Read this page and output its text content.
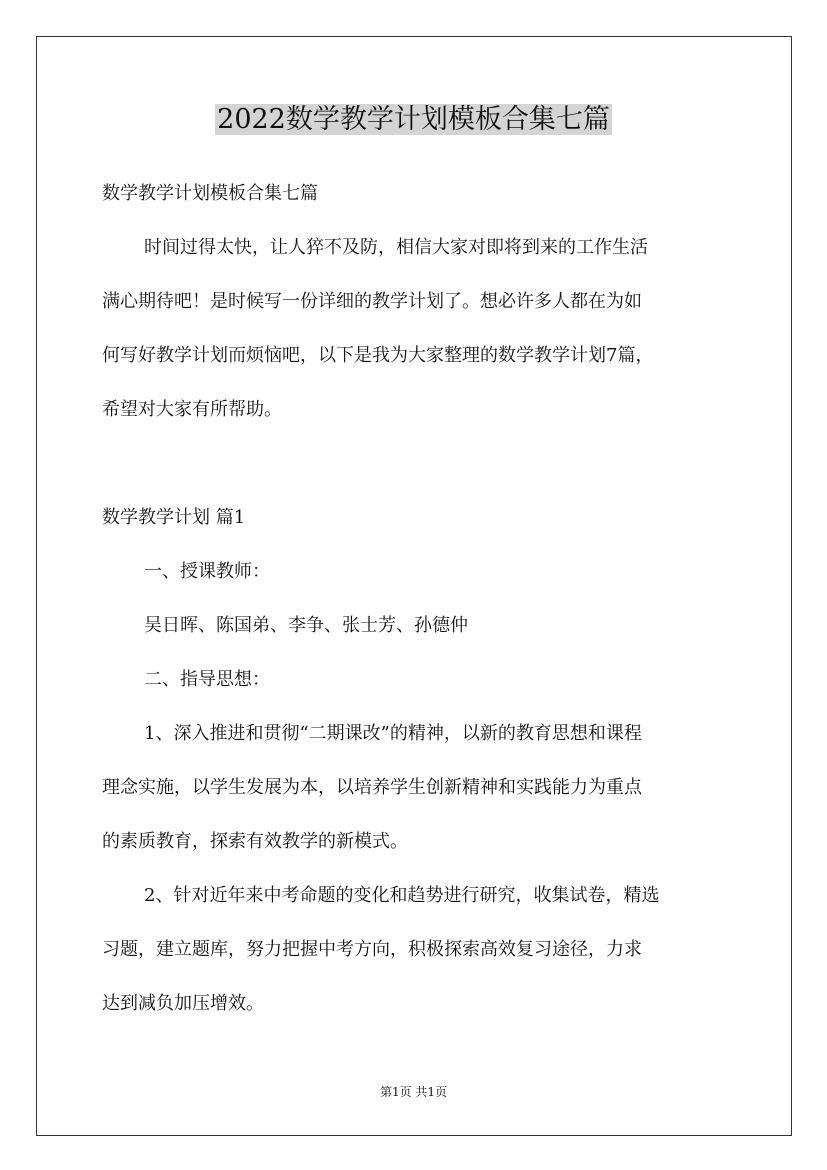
2022数学教学计划模板合集七篇
数学教学计划模板合集七篇
时间过得太快，让人猝不及防，相信大家对即将到来的工作生活
满心期待吧！是时候写一份详细的教学计划了。想必许多人都在为如
何写好教学计划而烦恼吧，以下是我为大家整理的数学教学计划7篇，
希望对大家有所帮助。
数学教学计划 篇1
一、授课教师：
吴日晖、陈国弟、李争、张士芳、孙德仲
二、指导思想：
1、深入推进和贯彻“二期课改”的精神，以新的教育思想和课程
理念实施，以学生发展为本，以培养学生创新精神和实践能力为重点
的素质教育，探索有效教学的新模式。
2、针对近年来中考命题的变化和趋势进行研究，收集试卷，精选
习题，建立题库，努力把握中考方向，积极探索高效复习途径，力求
达到减负加压增效。
第1页 共1页
